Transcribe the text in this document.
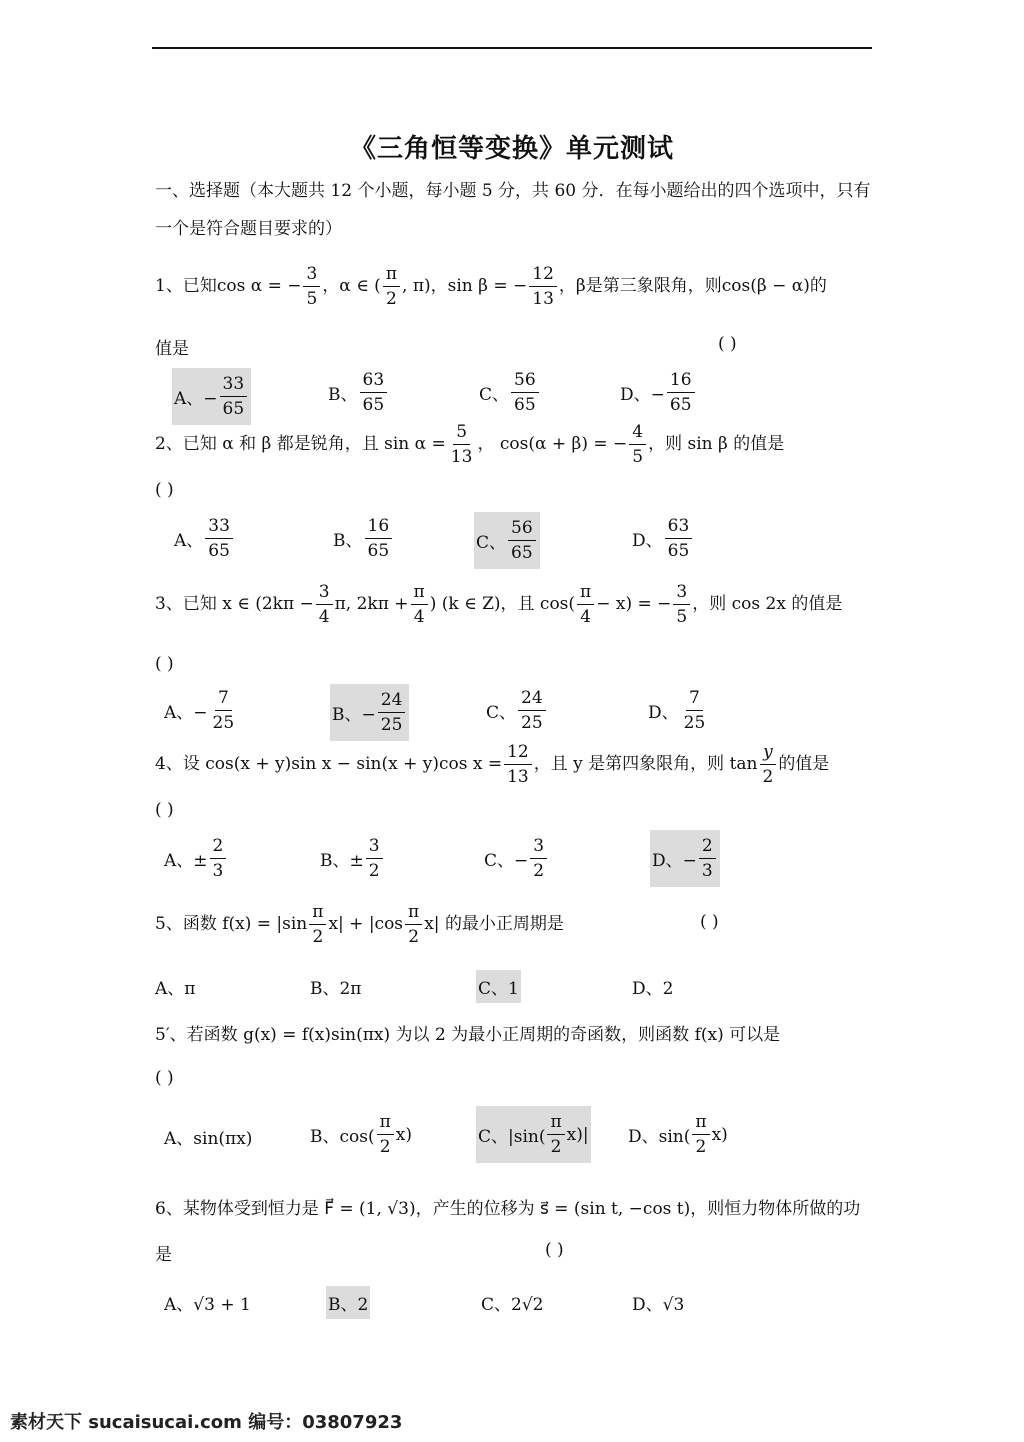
《三角恒等变换》单元测试
一、选择题（本大题共 12 个小题，每小题 5 分，共 60 分．在每小题给出的四个选项中，只有一个是符合题目要求的）
1、已知cos α = − $\frac{3}{5}$ ，α ∈ ( $\frac{\pi}{2}$ , π)，sin β = − $\frac{12}{13}$ ，β是第三象限角，则cos(β − α)的
值是	( )
A、− $\frac{33}{65}$	B、 $\frac{63}{65}$	C、 $\frac{56}{65}$	D、− $\frac{16}{65}$
2、已知 α 和 β 都是锐角，且 $\sin \alpha = \frac{5}{13}$ ， cos(α + β) = − $\frac{4}{5}$ ，则 sin β 的值是
( )
A、 $\frac{33}{65}$	B、 $\frac{16}{65}$	C、 $\frac{56}{65}$	D、 $\frac{63}{65}$
3、已知 x ∈ ($2k\pi - \frac{3}{4} \pi$, $2k\pi + \frac{\pi}{4}$ ) (k ∈ Z)，且 $\cos( \frac{\pi}{4} - x)$ = − $\frac{3}{5}$ ，则 cos 2x 的值是
( )
A、− $\frac{7}{25}$	B、− $\frac{24}{25}$	C、 $\frac{24}{25}$	D、 $\frac{7}{25}$
4、设 cos(x + y)sin x − sin(x + y)cos $x = \frac{12}{13}$ ，且 y 是第四象限角，则 $\tan \frac{y}{2}$ 的值是
( )
A、± $\frac{2}{3}$	B、± $\frac{3}{2}$	C、− $\frac{3}{2}$	D、− $\frac{2}{3}$
5、函数 $f(x) = |\sin \frac{\pi}{2} x| + |\cos \frac{\pi}{2} x|$ 的最小正周期是	( )
A、π	B、2π	C、1	D、2
5′、若函数 g(x) = f(x)sin(πx) 为以 2 为最小正周期的奇函数，则函数 f(x) 可以是
( )
A、sin(πx)	B、$\cos( \frac{\pi}{2} x)$	C、$|\sin( \frac{\pi}{2} x)|$ D、$\sin( \frac{\pi}{2} x)$
6、某物体受到恒力是 F⃗ = (1, √3)，产生的位移为 s⃗ = (sin t, −cos t)，则恒力物体所做的功
是	( )
A、√3 + 1	B、2	C、2√2	D、√3
素材天下 sucaisucai.com 编号：03807923
